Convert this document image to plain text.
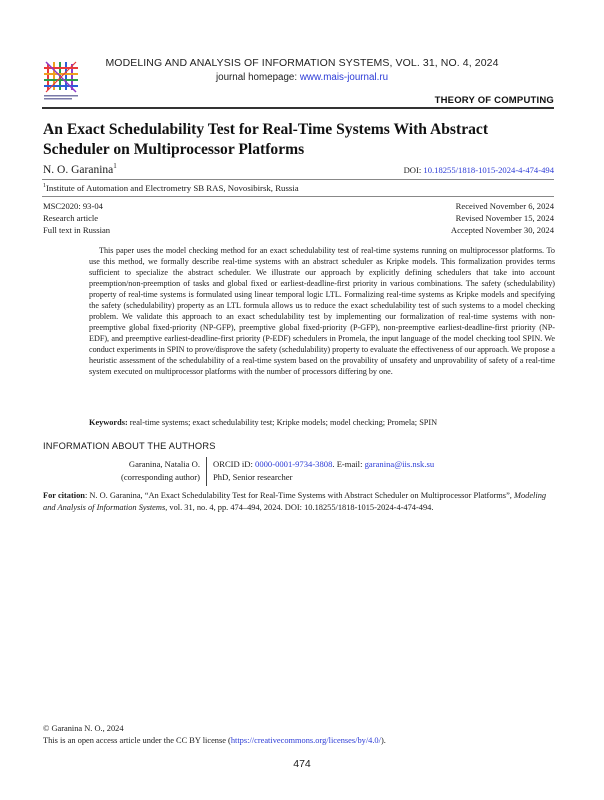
MODELING AND ANALYSIS OF INFORMATION SYSTEMS, VOL. 31, NO. 4, 2024
journal homepage: www.mais-journal.ru
THEORY OF COMPUTING
An Exact Schedulability Test for Real-Time Systems With Abstract Scheduler on Multiprocessor Platforms
N. O. Garanina$^1$	DOI: 10.18255/1818-1015-2024-4-474-494
$^1$Institute of Automation and Electrometry SB RAS, Novosibirsk, Russia
MSC2020: 93-04
Research article
Full text in Russian
Received November 6, 2024
Revised November 15, 2024
Accepted November 30, 2024

This paper uses the model checking method for an exact schedulability test of real-time systems running on multiprocessor platforms. To use this method, we formally describe real-time systems with an abstract scheduler as Kripke models. This formalization provides terms sufficient to specialize the abstract scheduler. We illustrate our approach by explicitly defining schedulers that take into account preemption/non-preemption of tasks and global fixed or earliest-deadline-first priority in various combinations. The safety (schedulability) property of real-time systems is formulated using linear temporal logic LTL. Formalizing real-time systems as Kripke models and specifying the safety (schedulability) property as an LTL formula allows us to reduce the exact schedulability test of such systems to a model checking problem. We validate this approach to an exact schedulability test by implementing our formalization of real-time systems with non-preemptive global fixed-priority (NP-GFP), preemptive global fixed-priority (P-GFP), non-preemptive earliest-deadline-first priority (NP-EDF), and preemptive earliest-deadline-first priority (P-EDF) schedulers in Promela, the input language of the model checking tool SPIN. We conduct experiments in SPIN to prove/disprove the safety (schedulability) property to evaluate the effectiveness of our approach. We propose a heuristic assessment of the schedulability of a real-time system based on the provability of unsafety and unprovability of safety of a real-time system executed on multiprocessor platforms with the number of processors differing by one.

Keywords: real-time systems; exact schedulability test; Kripke models; model checking; Promela; SPIN
INFORMATION ABOUT THE AUTHORS
Garanina, Natalia O.
(corresponding author)
ORCID iD: 0000-0001-9734-3808. E-mail: garanina@iis.nsk.su
PhD, Senior researcher

For citation: N. O. Garanina, “An Exact Schedulability Test for Real-Time Systems with Abstract Scheduler on Multiprocessor Platforms”, Modeling and Analysis of Information Systems, vol. 31, no. 4, pp. 474–494, 2024. DOI: 10.18255/1818-1015-2024-4-474-494.

© Garanina N. O., 2024
This is an open access article under the CC BY license (https://creativecommons.org/licenses/by/4.0/).
474
